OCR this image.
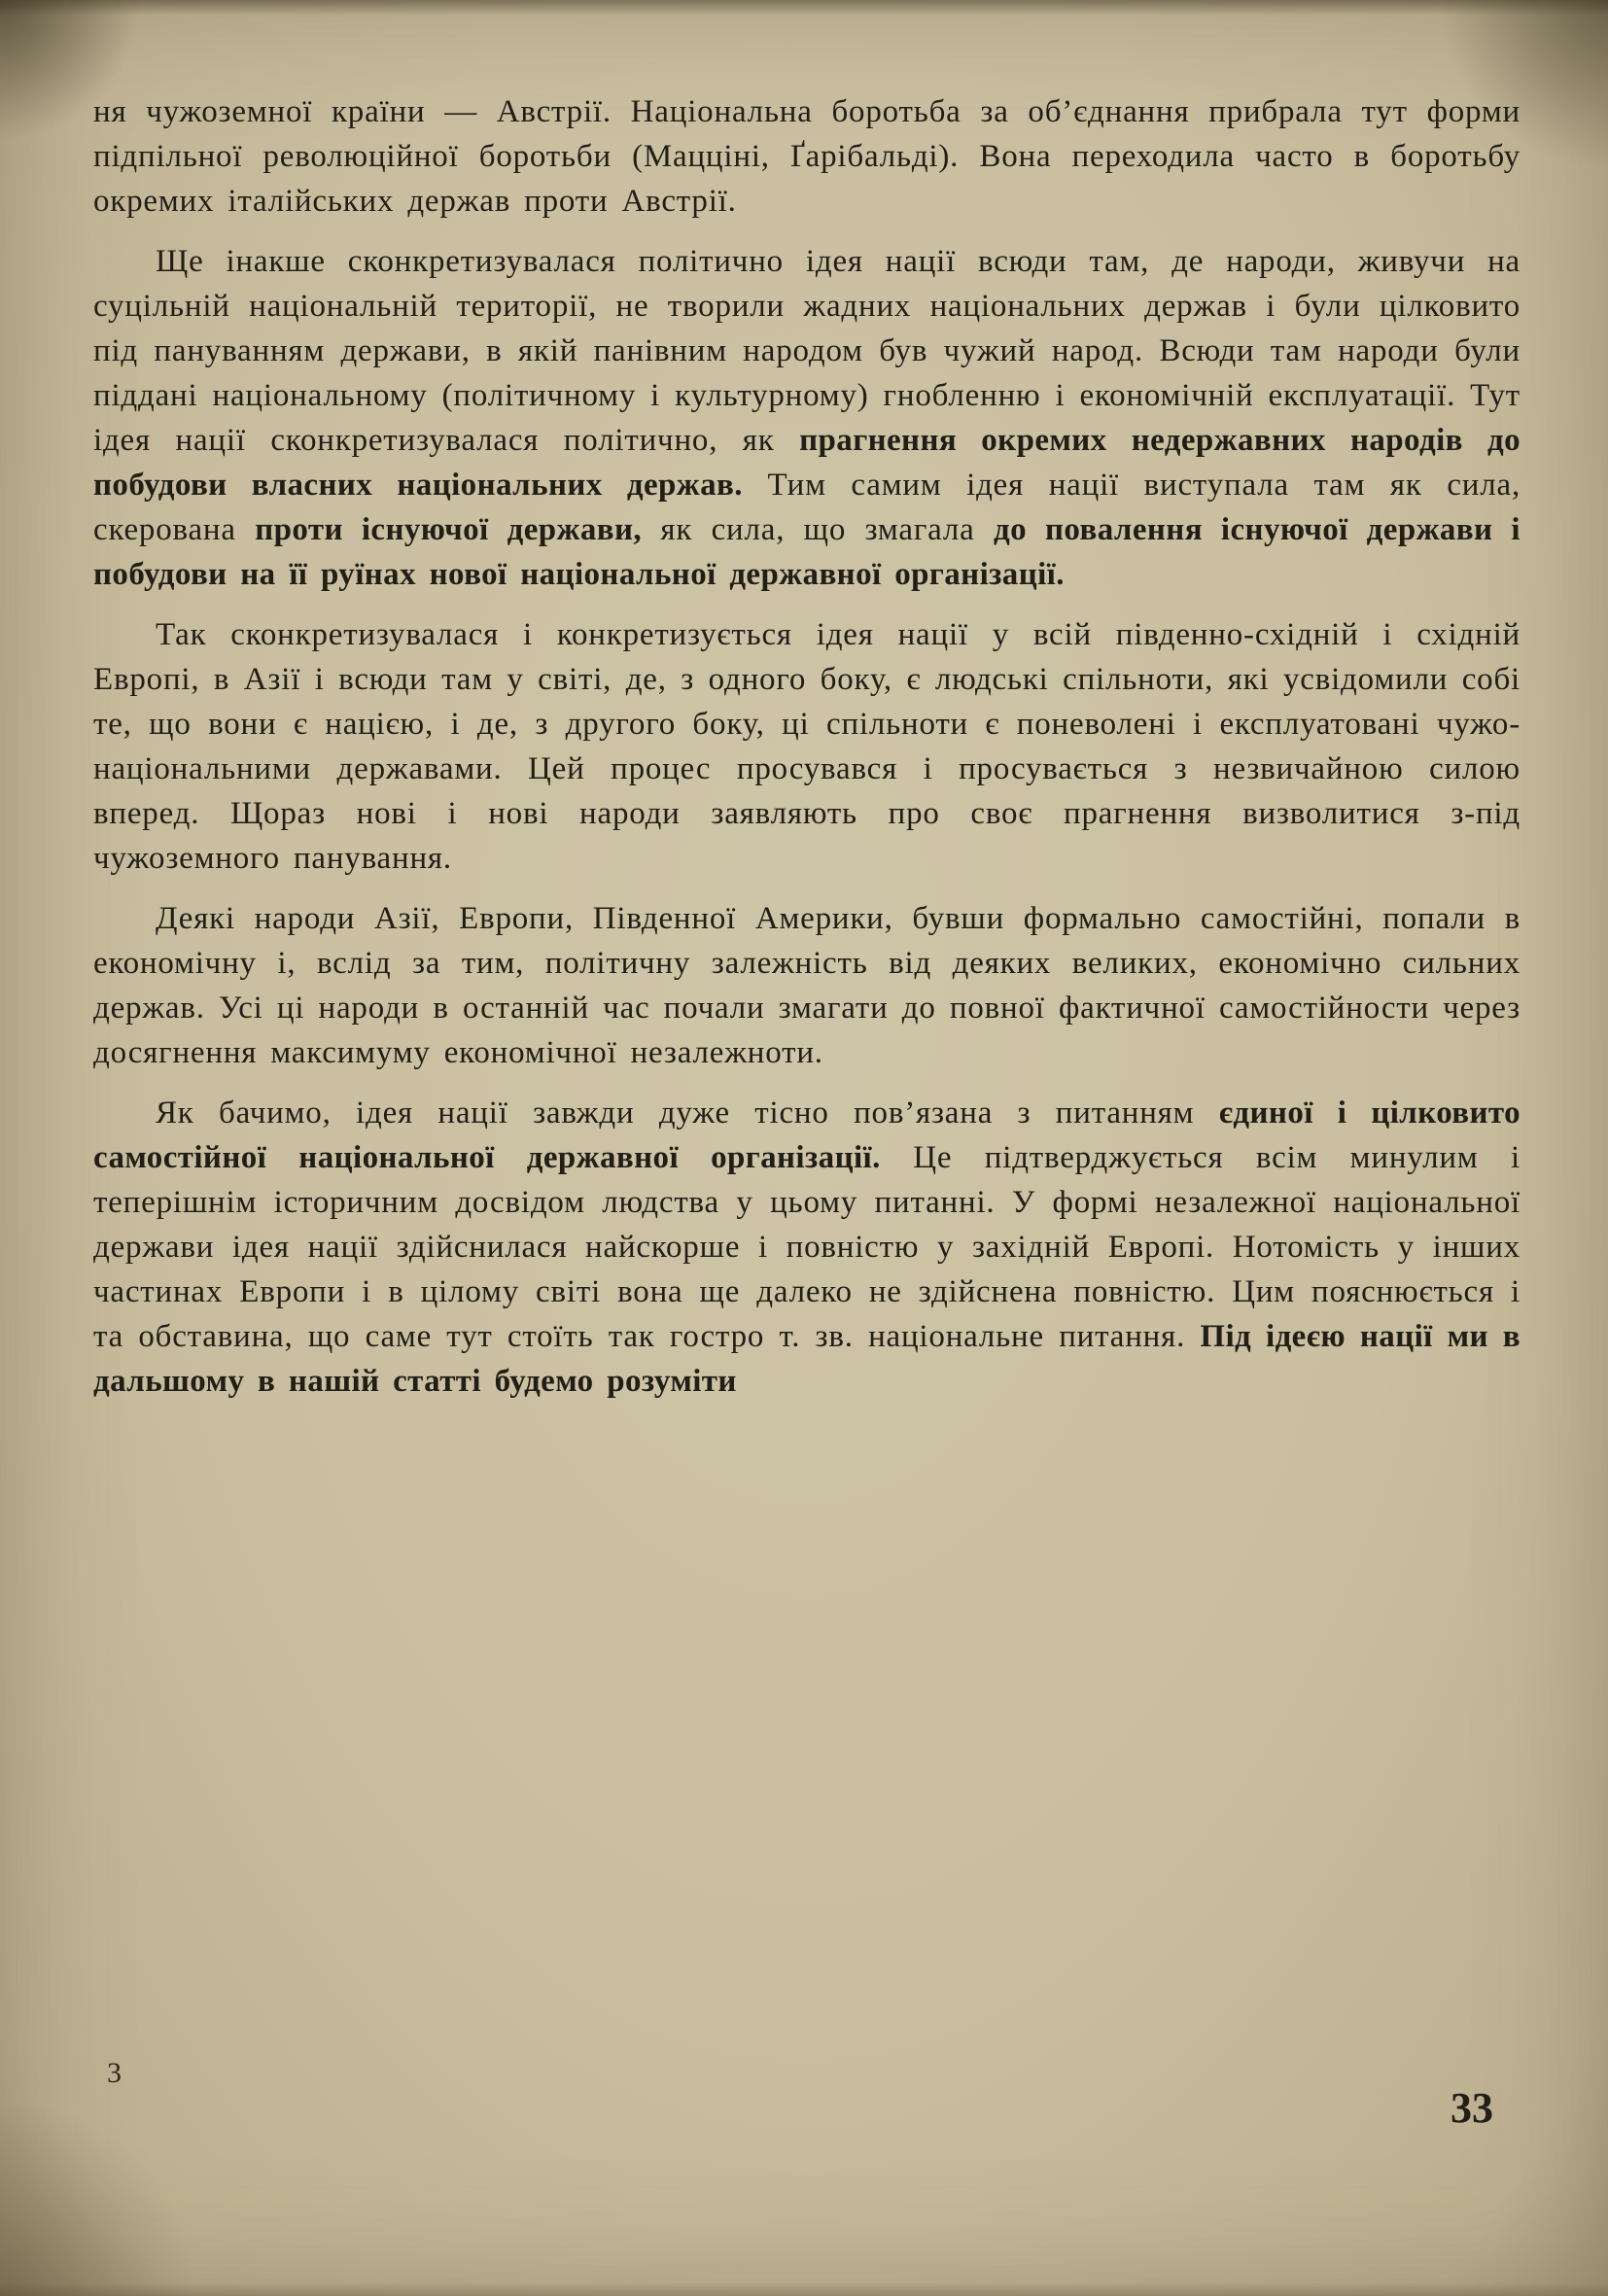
ня чужоземної країни — Австрії. Національна боротьба за об’єднання прибрала тут форми підпільної революційної боротьби (Мацціні, Ґарібальді). Вона переходила часто в боротьбу окремих італійських держав проти Австрії.

Ще інакше сконкретизувалася політично ідея нації всюди там, де народи, живучи на суцільній національній території, не творили жадних національних держав і були цілковито під пануванням держави, в якій панівним народом був чужий народ. Всюди там народи були піддані національному (політичному і культурному) гнобленню і економічній експлуатації. Тут ідея нації сконкретизувалася політично, як прагнення окремих недержавних народів до побудови власних національних держав. Тим самим ідея нації виступала там як сила, скерована проти існуючої держави, як сила, що змагала до повалення існуючої держави і побудови на її руїнах нової національної державної організації.

Так сконкретизувалася і конкретизується ідея нації у всій південно-східній і східній Европі, в Азії і всюди там у світі, де, з одного боку, є людські спільноти, які усвідомили собі те, що вони є нацією, і де, з другого боку, ці спільноти є поневолені і експлуатовані чужо-національними державами. Цей процес просувався і просувається з незвичайною силою вперед. Щораз нові і нові народи заявляють про своє прагнення визволитися з-під чужоземного панування.

Деякі народи Азії, Европи, Південної Америки, бувши формально самостійні, попали в економічну і, вслід за тим, політичну залежність від деяких великих, економічно сильних держав. Усі ці народи в останній час почали змагати до повної фактичної самостійности через досягнення максимуму економічної незалежноти.

Як бачимо, ідея нації завжди дуже тісно пов’язана з питанням єдиної і цілковито самостійної національної державної організації. Це підтверджується всім минулим і теперішнім історичним досвідом людства у цьому питанні. У формі незалежної національної держави ідея нації здійснилася найскорше і повністю у західній Европі. Нотомість у інших частинах Европи і в цілому світі вона ще далеко не здійснена повністю. Цим пояснюється і та обставина, що саме тут стоїть так гостро т. зв. національне питання. Під ідеєю нації ми в дальшому в нашій статті будемо розуміти

3
33
